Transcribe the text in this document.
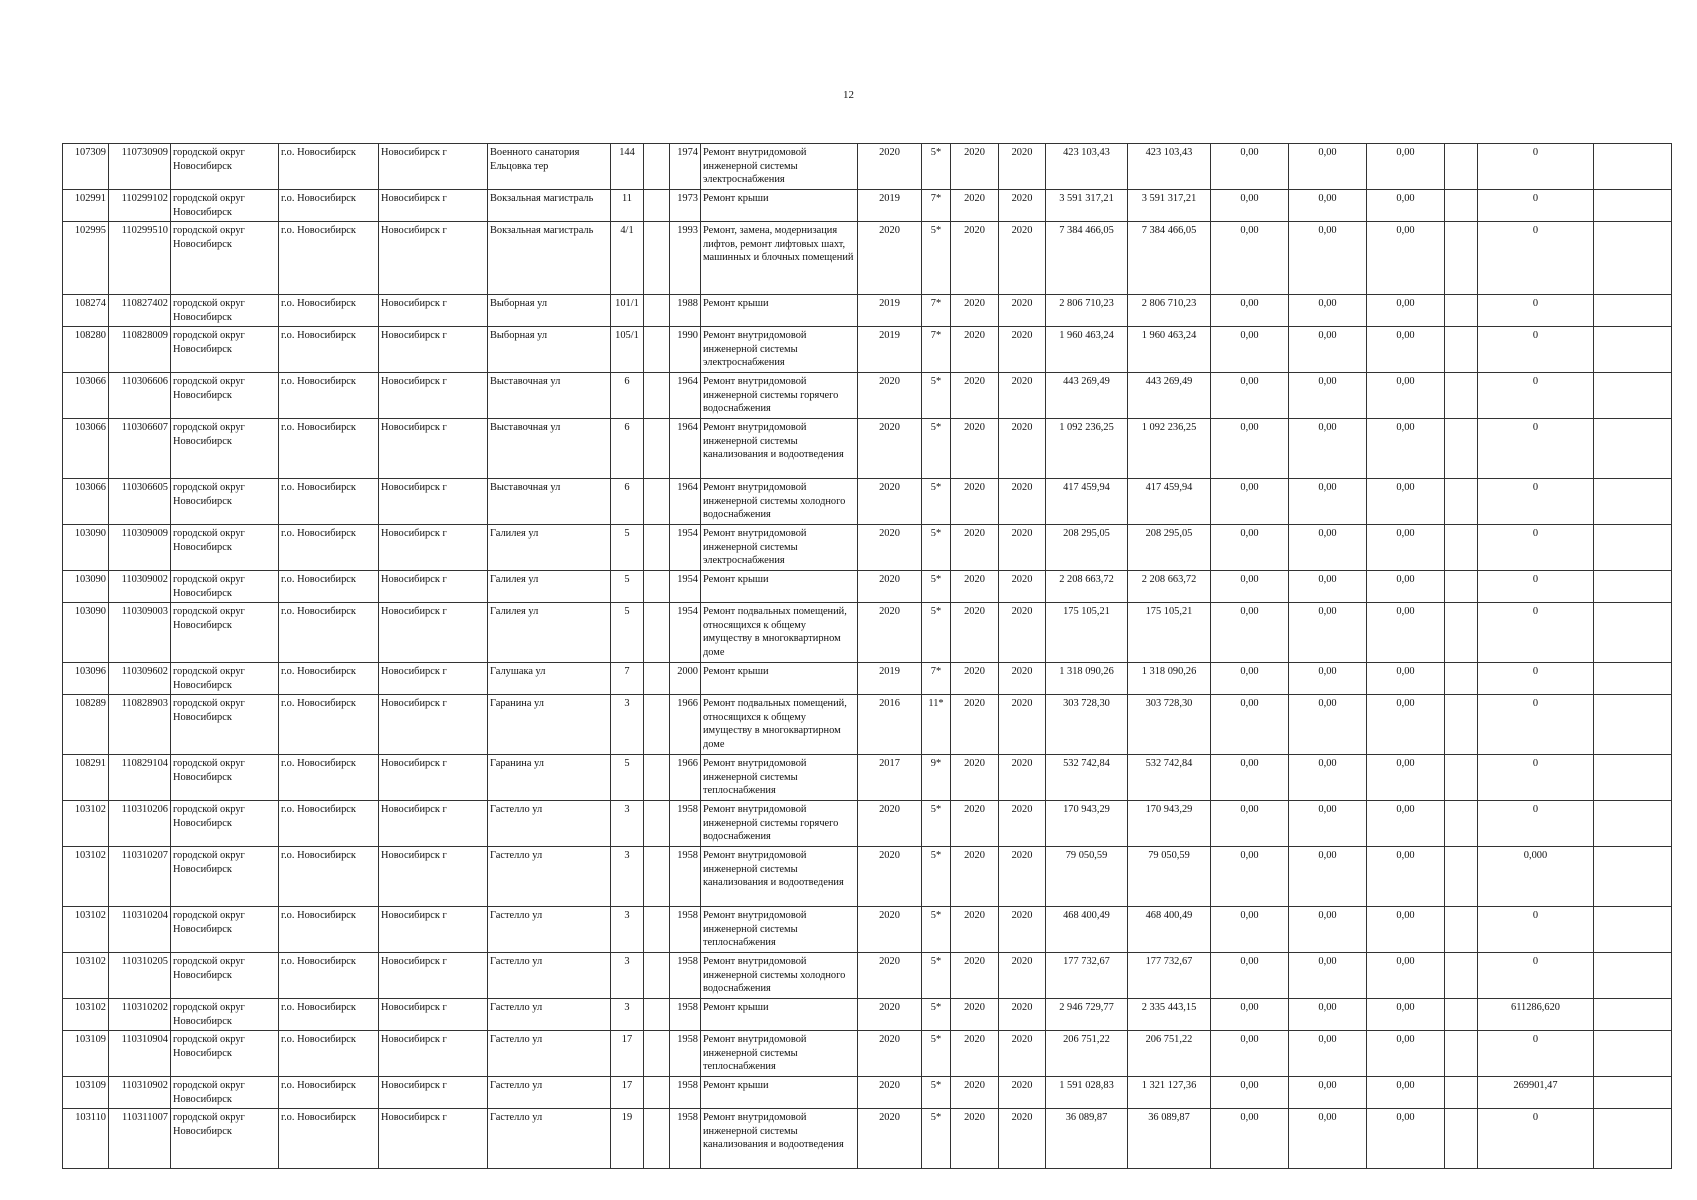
12
107309	110730909	городской округ Новосибирск	г.о. Новосибирск	Новосибирск г	Военного санатория Ельцовка тер	144		1974	Ремонт внутридомовой инженерной системы электроснабжения	2020	5*	2020	2020	423 103,43	423 103,43	0,00	0,00	0,00		0	
102991	110299102	городской округ Новосибирск	г.о. Новосибирск	Новосибирск г	Вокзальная магистраль	11		1973	Ремонт крыши	2019	7*	2020	2020	3 591 317,21	3 591 317,21	0,00	0,00	0,00		0	
102995	110299510	городской округ Новосибирск	г.о. Новосибирск	Новосибирск г	Вокзальная магистраль	4/1		1993	Ремонт, замена, модернизация лифтов, ремонт лифтовых шахт, машинных и блочных помещений	2020	5*	2020	2020	7 384 466,05	7 384 466,05	0,00	0,00	0,00		0	
108274	110827402	городской округ Новосибирск	г.о. Новосибирск	Новосибирск г	Выборная ул	101/1		1988	Ремонт крыши	2019	7*	2020	2020	2 806 710,23	2 806 710,23	0,00	0,00	0,00		0	
108280	110828009	городской округ Новосибирск	г.о. Новосибирск	Новосибирск г	Выборная ул	105/1		1990	Ремонт внутридомовой инженерной системы электроснабжения	2019	7*	2020	2020	1 960 463,24	1 960 463,24	0,00	0,00	0,00		0	
103066	110306606	городской округ Новосибирск	г.о. Новосибирск	Новосибирск г	Выставочная ул	6		1964	Ремонт внутридомовой инженерной системы горячего водоснабжения	2020	5*	2020	2020	443 269,49	443 269,49	0,00	0,00	0,00		0	
103066	110306607	городской округ Новосибирск	г.о. Новосибирск	Новосибирск г	Выставочная ул	6		1964	Ремонт внутридомовой инженерной системы канализования и водоотведения	2020	5*	2020	2020	1 092 236,25	1 092 236,25	0,00	0,00	0,00		0	
103066	110306605	городской округ Новосибирск	г.о. Новосибирск	Новосибирск г	Выставочная ул	6		1964	Ремонт внутридомовой инженерной системы холодного водоснабжения	2020	5*	2020	2020	417 459,94	417 459,94	0,00	0,00	0,00		0	
103090	110309009	городской округ Новосибирск	г.о. Новосибирск	Новосибирск г	Галилея ул	5		1954	Ремонт внутридомовой инженерной системы электроснабжения	2020	5*	2020	2020	208 295,05	208 295,05	0,00	0,00	0,00		0	
103090	110309002	городской округ Новосибирск	г.о. Новосибирск	Новосибирск г	Галилея ул	5		1954	Ремонт крыши	2020	5*	2020	2020	2 208 663,72	2 208 663,72	0,00	0,00	0,00		0	
103090	110309003	городской округ Новосибирск	г.о. Новосибирск	Новосибирск г	Галилея ул	5		1954	Ремонт подвальных помещений, относящихся к общему имуществу в многоквартирном доме	2020	5*	2020	2020	175 105,21	175 105,21	0,00	0,00	0,00		0	
103096	110309602	городской округ Новосибирск	г.о. Новосибирск	Новосибирск г	Галушака ул	7		2000	Ремонт крыши	2019	7*	2020	2020	1 318 090,26	1 318 090,26	0,00	0,00	0,00		0	
108289	110828903	городской округ Новосибирск	г.о. Новосибирск	Новосибирск г	Гаранина ул	3		1966	Ремонт подвальных помещений, относящихся к общему имуществу в многоквартирном доме	2016	11*	2020	2020	303 728,30	303 728,30	0,00	0,00	0,00		0	
108291	110829104	городской округ Новосибирск	г.о. Новосибирск	Новосибирск г	Гаранина ул	5		1966	Ремонт внутридомовой инженерной системы теплоснабжения	2017	9*	2020	2020	532 742,84	532 742,84	0,00	0,00	0,00		0	
103102	110310206	городской округ Новосибирск	г.о. Новосибирск	Новосибирск г	Гастелло ул	3		1958	Ремонт внутридомовой инженерной системы горячего водоснабжения	2020	5*	2020	2020	170 943,29	170 943,29	0,00	0,00	0,00		0	
103102	110310207	городской округ Новосибирск	г.о. Новосибирск	Новосибирск г	Гастелло ул	3		1958	Ремонт внутридомовой инженерной системы канализования и водоотведения	2020	5*	2020	2020	79 050,59	79 050,59	0,00	0,00	0,00		0,000	
103102	110310204	городской округ Новосибирск	г.о. Новосибирск	Новосибирск г	Гастелло ул	3		1958	Ремонт внутридомовой инженерной системы теплоснабжения	2020	5*	2020	2020	468 400,49	468 400,49	0,00	0,00	0,00		0	
103102	110310205	городской округ Новосибирск	г.о. Новосибирск	Новосибирск г	Гастелло ул	3		1958	Ремонт внутридомовой инженерной системы холодного водоснабжения	2020	5*	2020	2020	177 732,67	177 732,67	0,00	0,00	0,00		0	
103102	110310202	городской округ Новосибирск	г.о. Новосибирск	Новосибирск г	Гастелло ул	3		1958	Ремонт крыши	2020	5*	2020	2020	2 946 729,77	2 335 443,15	0,00	0,00	0,00		611286,620	
103109	110310904	городской округ Новосибирск	г.о. Новосибирск	Новосибирск г	Гастелло ул	17		1958	Ремонт внутридомовой инженерной системы теплоснабжения	2020	5*	2020	2020	206 751,22	206 751,22	0,00	0,00	0,00		0	
103109	110310902	городской округ Новосибирск	г.о. Новосибирск	Новосибирск г	Гастелло ул	17		1958	Ремонт крыши	2020	5*	2020	2020	1 591 028,83	1 321 127,36	0,00	0,00	0,00		269901,47	
103110	110311007	городской округ Новосибирск	г.о. Новосибирск	Новосибирск г	Гастелло ул	19		1958	Ремонт внутридомовой инженерной системы канализования и водоотведения	2020	5*	2020	2020	36 089,87	36 089,87	0,00	0,00	0,00		0	
